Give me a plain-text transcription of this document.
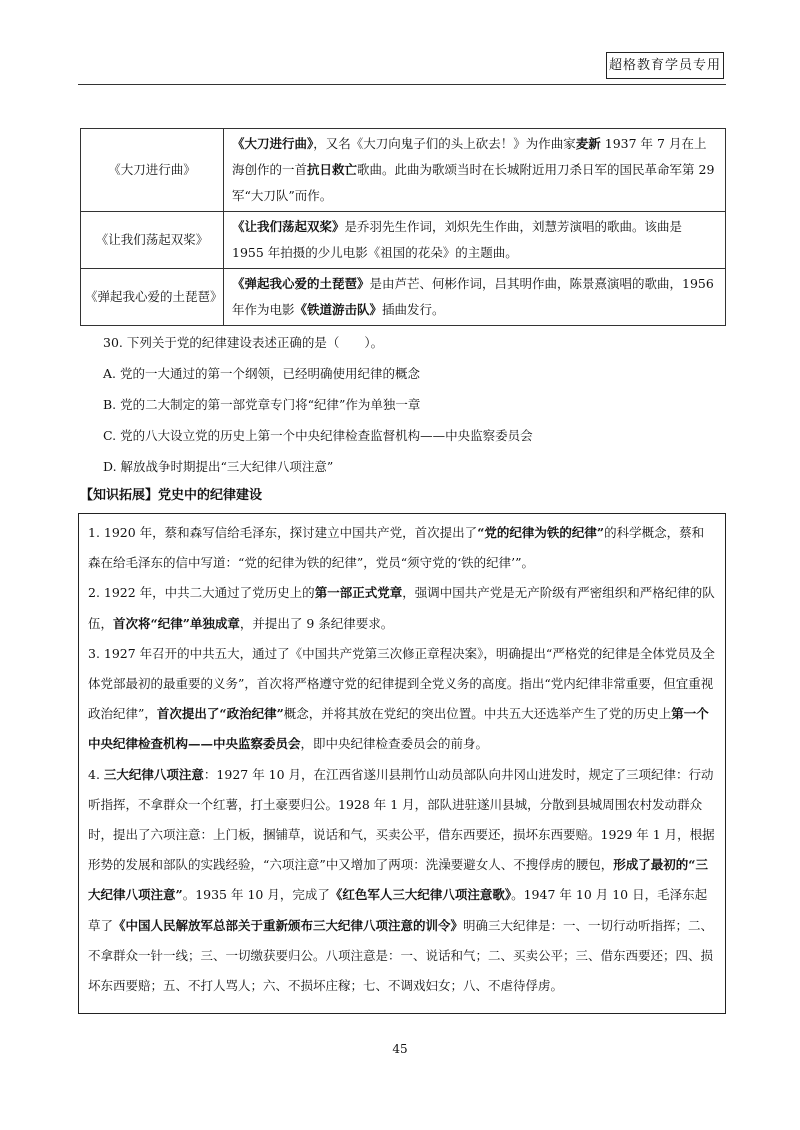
超格教育学员专用
《大刀进行曲》	《大刀进行曲》，又名《大刀向鬼子们的头上砍去！》为作曲家麦新 1937 年 7 月在上海创作的一首抗日救亡歌曲。此曲为歌颂当时在长城附近用刀杀日军的国民革命军第 29 军“大刀队”而作。
《让我们荡起双桨》	《让我们荡起双桨》是乔羽先生作词，刘炽先生作曲，刘慧芳演唱的歌曲。该曲是 1955 年拍摄的少儿电影《祖国的花朵》的主题曲。
《弹起我心爱的土琵琶》	《弹起我心爱的土琵琶》是由芦芒、何彬作词，吕其明作曲，陈景熹演唱的歌曲，1956 年作为电影《铁道游击队》插曲发行。
30. 下列关于党的纪律建设表述正确的是（　　）。
A. 党的一大通过的第一个纲领，已经明确使用纪律的概念
B. 党的二大制定的第一部党章专门将“纪律”作为单独一章
C. 党的八大设立党的历史上第一个中央纪律检查监督机构——中央监察委员会
D. 解放战争时期提出“三大纪律八项注意”
【知识拓展】党史中的纪律建设

1. 1920 年，蔡和森写信给毛泽东，探讨建立中国共产党，首次提出了“党的纪律为铁的纪律”的科学概念，蔡和森在给毛泽东的信中写道：“党的纪律为铁的纪律”，党员“须守党的‘铁的纪律’”。

2. 1922 年，中共二大通过了党历史上的第一部正式党章，强调中国共产党是无产阶级有严密组织和严格纪律的队伍，首次将“纪律”单独成章，并提出了 9 条纪律要求。

3. 1927 年召开的中共五大，通过了《中国共产党第三次修正章程决案》，明确提出“严格党的纪律是全体党员及全体党部最初的最重要的义务”，首次将严格遵守党的纪律提到全党义务的高度。指出“党内纪律非常重要，但宜重视政治纪律”，首次提出了“政治纪律”概念，并将其放在党纪的突出位置。中共五大还选举产生了党的历史上第一个中央纪律检查机构——中央监察委员会，即中央纪律检查委员会的前身。

4. 三大纪律八项注意：1927 年 10 月，在江西省遂川县荆竹山动员部队向井冈山进发时，规定了三项纪律：行动听指挥，不拿群众一个红薯，打土豪要归公。1928 年 1 月，部队进驻遂川县城，分散到县城周围农村发动群众时，提出了六项注意：上门板，捆铺草，说话和气，买卖公平，借东西要还，损坏东西要赔。1929 年 1 月，根据形势的发展和部队的实践经验，“六项注意”中又增加了两项：洗澡要避女人、不搜俘虏的腰包，形成了最初的“三大纪律八项注意”。1935 年 10 月，完成了《红色军人三大纪律八项注意歌》。1947 年 10 月 10 日，毛泽东起草了《中国人民解放军总部关于重新颁布三大纪律八项注意的训令》明确三大纪律是：一、一切行动听指挥；二、不拿群众一针一线；三、一切缴获要归公。八项注意是：一、说话和气；二、买卖公平；三、借东西要还；四、损坏东西要赔；五、不打人骂人；六、不损坏庄稼；七、不调戏妇女；八、不虐待俘虏。

45
